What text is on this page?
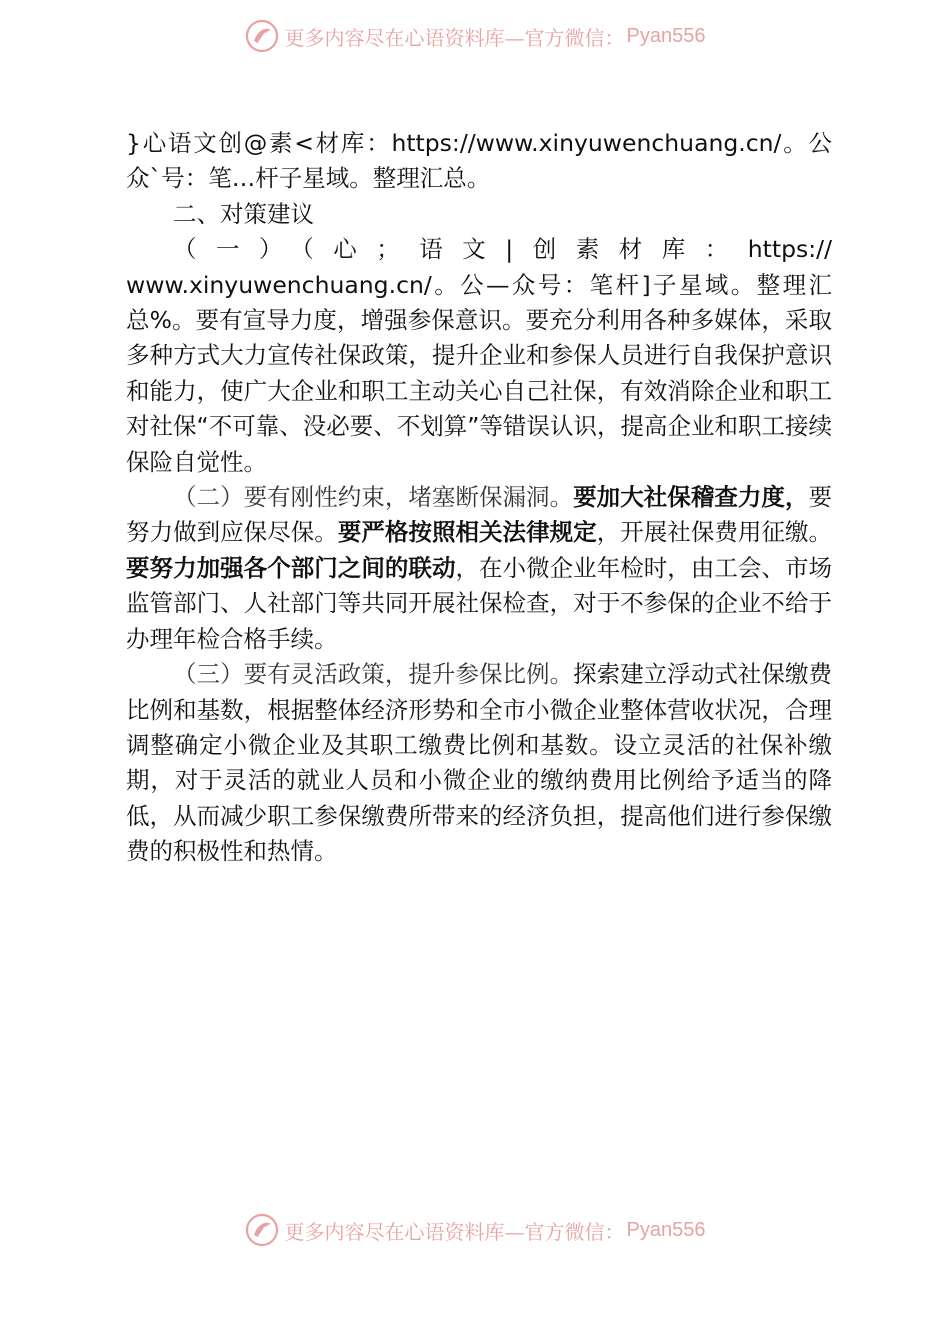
更多内容尽在心语资料库—官方微信： Pyan556

}心语文创@素<材库：https://www.xinyuwenchuang.cn/。公众`号：笔…杆子星域。整理汇总。

二、对策建议

（一）（心；语文|创素材库：https://

www.xinyuwenchuang.cn/。公—众号：笔杆]子星域。整理汇总%。要有宣导力度，增强参保意识。要充分利用各种多媒体，采取多种方式大力宣传社保政策，提升企业和参保人员进行自我保护意识和能力，使广大企业和职工主动关心自己社保，有效消除企业和职工对社保“不可靠、没必要、不划算”等错误认识，提高企业和职工接续保险自觉性。

（二）要有刚性约束，堵塞断保漏洞。要加大社保稽查力度，要努力做到应保尽保。要严格按照相关法律规定，开展社保费用征缴。要努力加强各个部门之间的联动，在小微企业年检时，由工会、市场监管部门、人社部门等共同开展社保检查，对于不参保的企业不给于办理年检合格手续。

（三）要有灵活政策，提升参保比例。探索建立浮动式社保缴费比例和基数，根据整体经济形势和全市小微企业整体营收状况，合理调整确定小微企业及其职工缴费比例和基数。设立灵活的社保补缴期，对于灵活的就业人员和小微企业的缴纳费用比例给予适当的降低，从而减少职工参保缴费所带来的经济负担，提高他们进行参保缴费的积极性和热情。

更多内容尽在心语资料库—官方微信： Pyan556
